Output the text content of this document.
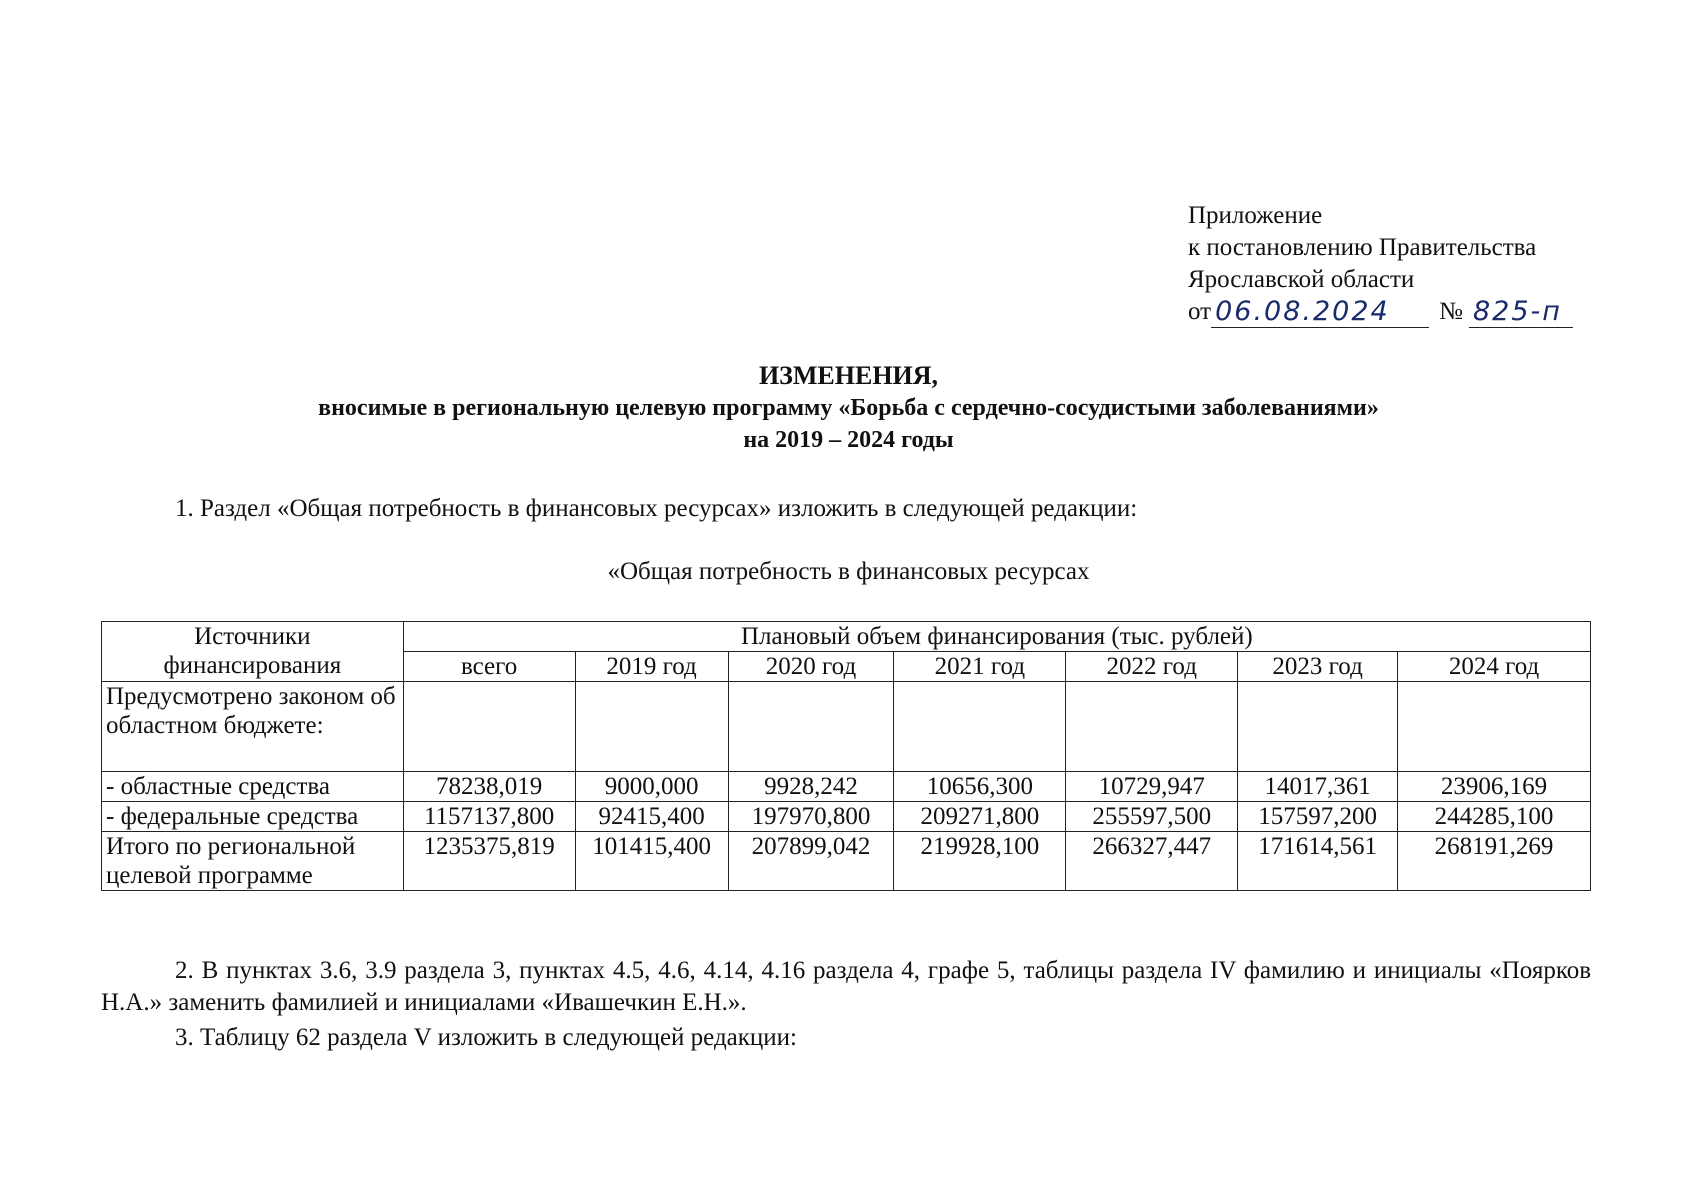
Приложение
к постановлению Правительства
Ярославской области
от 06.08.2024	№ 825-п
ИЗМЕНЕНИЯ,
вносимые в региональную целевую программу «Борьба с сердечно-сосудистыми заболеваниями»
на 2019 – 2024 годы
1. Раздел «Общая потребность в финансовых ресурсах» изложить в следующей редакции:
«Общая потребность в финансовых ресурсах
Источники финансирования	Плановый объем финансирования (тыс. рублей)						
	всего	2019 год	2020 год	2021 год	2022 год	2023 год	2024 год
Предусмотрено законом об областном бюджете:							
- областные средства	78238,019	9000,000	9928,242	10656,300	10729,947	14017,361	23906,169
- федеральные средства	1157137,800	92415,400	197970,800	209271,800	255597,500	157597,200	244285,100
Итого по региональной целевой программе	1235375,819	101415,400	207899,042	219928,100	266327,447	171614,561	268191,269
2. В пунктах 3.6, 3.9 раздела 3, пунктах 4.5, 4.6, 4.14, 4.16 раздела 4, графе 5, таблицы раздела IV фамилию и инициалы «Поярков Н.А.» заменить фамилией и инициалами «Ивашечкин Е.Н.».
3. Таблицу 62 раздела V изложить в следующей редакции:
